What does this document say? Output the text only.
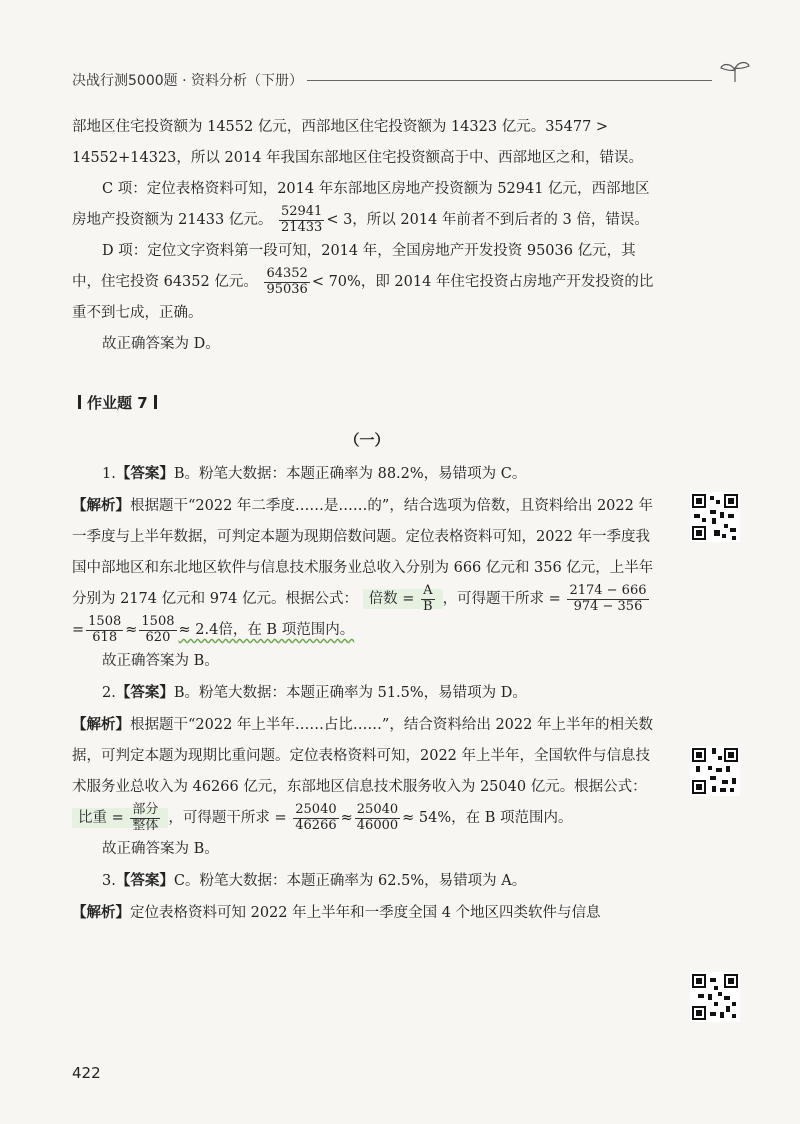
决战行测5000题 · 资料分析（下册）

部地区住宅投资额为 14552 亿元，西部地区住宅投资额为 14323 亿元。35477 >
14552+14323，所以 2014 年我国东部地区住宅投资额高于中、西部地区之和，错误。

C 项：定位表格资料可知，2014 年东部地区房地产投资额为 52941 亿元，西部地区房地产投资额为 21433 亿元。 $\frac{52941}{21433} < 3$，所以 2014 年前者不到后者的 3 倍，错误。

D 项：定位文字资料第一段可知，2014 年，全国房地产开发投资 95036 亿元，其中，住宅投资 64352 亿元。 $\frac{64352}{95036} < 70\%$，即 2014 年住宅投资占房地产开发投资的比重不到七成，正确。

故正确答案为 D。

作业题 7
（一）

1.【答案】B。粉笔大数据：本题正确率为 88.2%，易错项为 C。

【解析】根据题干“2022 年二季度……是……的”，结合选项为倍数，且资料给出 2022 年一季度与上半年数据，可判定本题为现期倍数问题。定位表格资料可知，2022 年一季度我国中部地区和东北地区软件与信息技术服务业总收入分别为 666 亿元和 356 亿元，上半年分别为 2174 亿元和 974 亿元。根据公式： 倍数 = $\frac{A}{B}$ ，可得题干所求 = $\frac{2174 - 666}{974 - 356}$
= $\frac{1508}{618} \approx \frac{1508}{620} \approx 2.4$倍，在 B 项范围内。

故正确答案为 B。

2.【答案】B。粉笔大数据：本题正确率为 51.5%，易错项为 D。

【解析】根据题干“2022 年上半年……占比……”，结合资料给出 2022 年上半年的相关数据，可判定本题为现期比重问题。定位表格资料可知，2022 年上半年，全国软件与信息技术服务业总收入为 46266 亿元，东部地区信息技术服务收入为 25040 亿元。根据公式： 比重 = $\frac{\text{部分}}{\text{整体}}$ ，可得题干所求 = $\frac{25040}{46266} \approx \frac{25040}{46000} \approx 54\%$，在 B 项范围内。

故正确答案为 B。

3.【答案】C。粉笔大数据：本题正确率为 62.5%，易错项为 A。

【解析】定位表格资料可知 2022 年上半年和一季度全国 4 个地区四类软件与信息

422
